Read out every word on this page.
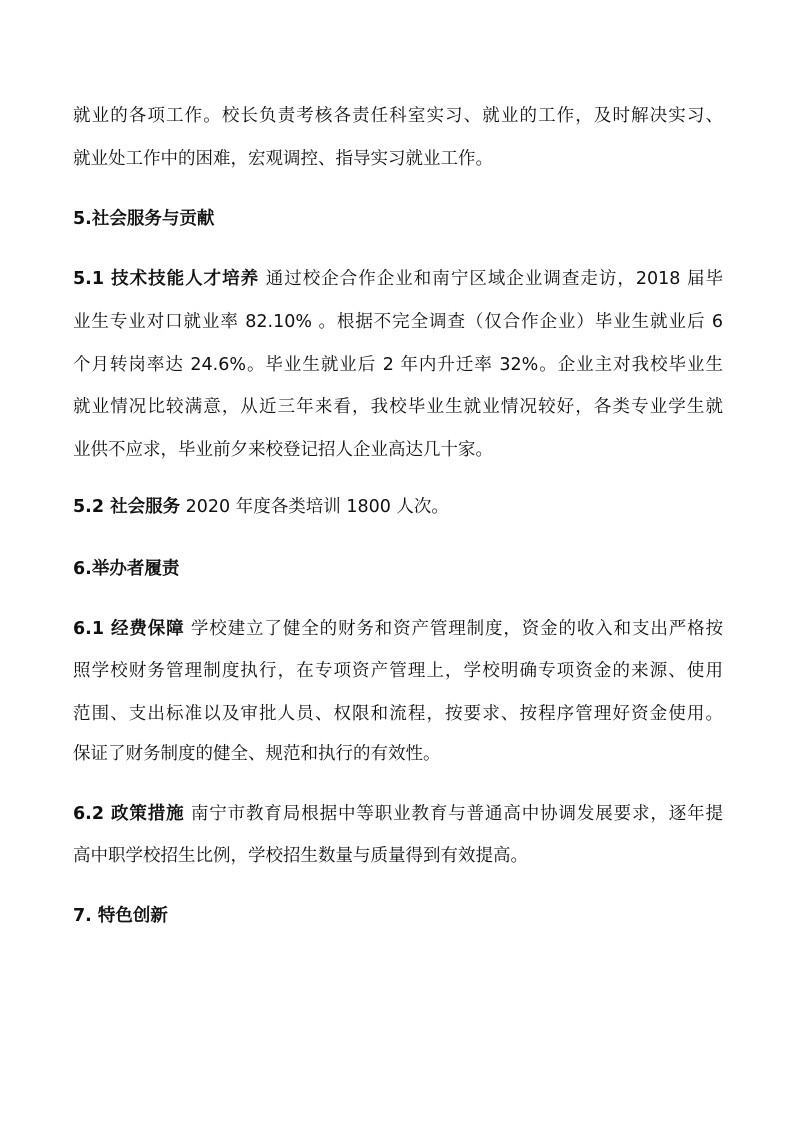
就业的各项工作。校长负责考核各责任科室实习、就业的工作，及时解决实习、
就业处工作中的困难，宏观调控、指导实习就业工作。
5.社会服务与贡献
5.1 技术技能人才培养 通过校企合作企业和南宁区域企业调查走访，2018 届毕
业生专业对口就业率 82.10% 。根据不完全调查（仅合作企业）毕业生就业后 6
个月转岗率达 24.6%。毕业生就业后 2 年内升迁率 32%。企业主对我校毕业生
就业情况比较满意，从近三年来看，我校毕业生就业情况较好，各类专业学生就
业供不应求，毕业前夕来校登记招人企业高达几十家。
5.2 社会服务 2020 年度各类培训 1800 人次。
6.举办者履责
6.1 经费保障 学校建立了健全的财务和资产管理制度，资金的收入和支出严格按
照学校财务管理制度执行，在专项资产管理上，学校明确专项资金的来源、使用
范围、支出标准以及审批人员、权限和流程，按要求、按程序管理好资金使用。
保证了财务制度的健全、规范和执行的有效性。
6.2 政策措施 南宁市教育局根据中等职业教育与普通高中协调发展要求，逐年提
高中职学校招生比例，学校招生数量与质量得到有效提高。
7. 特色创新
